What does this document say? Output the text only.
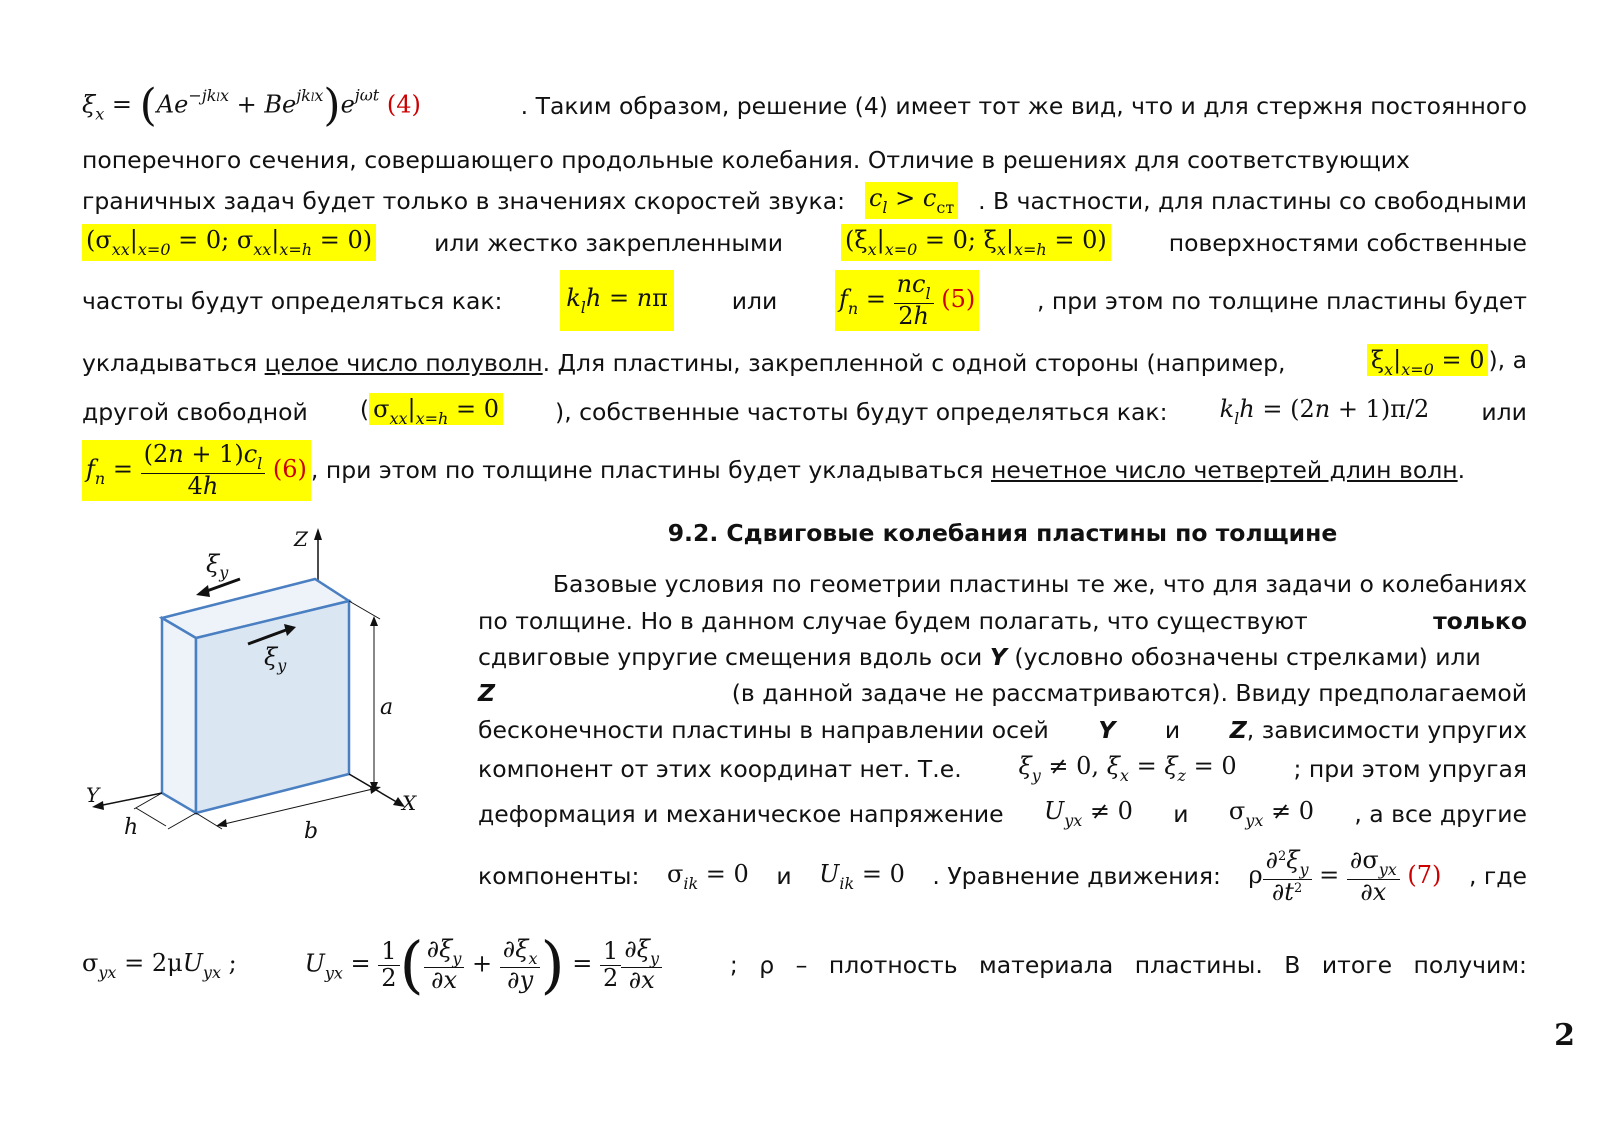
$\xi_x = (Ae^{-jklx} + Be^{jklx})e^{j\omega t}$ (4)	. Таким образом, решение (4) имеет тот же вид, что и для стержня постоянного
поперечного сечения, совершающего продольные колебания. Отличие в решениях для соответствующих
граничных задач будет только в значениях скоростей звука: $c_l > c_{ст}$ . В частности, для пластины со свободными
($\sigma_{xx}|_{x=0} = 0$; $\sigma_{xx}|_{x=h} = 0$)	или жестко закрепленными	($\xi_x|_{x=0} = 0$; $\xi_x|_{x=h} = 0$)	поверхностями собственные
частоты будут определяться как:	$k_lh = n\pi$	или	$f_n = \frac{nc_l}{2h} (5)$	, при этом по толщине пластины будет
укладываться целое число полуволн. Для пластины, закрепленной с одной стороны (например,	$\xi_x|_{x=0} = 0$ ), а
другой свободной ( $\sigma_{xx}|_{x=h} = 0$ ), собственные частоты будут определяться как: $k_lh = (2n + 1)\pi/2$ или
$f_n = \frac{(2n + 1)c_l}{4h} (6)$ , при этом по толщине пластины будет укладываться
нечетное число четвертей длин волн .
Z
$\xi_y$
$\xi_y$
a
X
b
Y
h
9.2. Сдвиговые колебания пластины по толщине
Базовые условия по геометрии пластины те же, что для задачи о колебаниях
по толщине. Но в данном случае будем полагать, что существуют	только
сдвиговые упругие смещения вдоль оси
Y
(условно обозначены стрелками) или
Z	(в данной задаче не рассматриваются). Ввиду предполагаемой
бесконечности пластины в направлении осей Y и Z, зависимости упругих
компонент от этих координат нет. Т.е. $\xi_y \ne 0$, $\xi_x = \xi_z = 0$ ; при этом упругая
деформация и механическое напряжение $U_{yx} \ne 0$ и $\sigma_{yx} \ne 0$ , а все другие
компоненты: $\sigma_{ik} = 0$ и $U_{ik} = 0$ . Уравнение движения: ρ $\frac{\partial^2\xi_y}{\partial t^2} = \frac{\partial\sigma_{yx}}{\partial x} (7)$ , где
$\sigma_{yx} = 2\mu U_{yx}$ ;	$U_{yx} = \frac{1}{2}$ ( $\frac{\partial\xi_y}{\partial x} + \frac{\partial\xi_x}{\partial y}$ ) = $\frac{1}{2} \frac{\partial\xi_y}{\partial x}$	; ρ – плотность материала пластины. В итоге получим:
2
